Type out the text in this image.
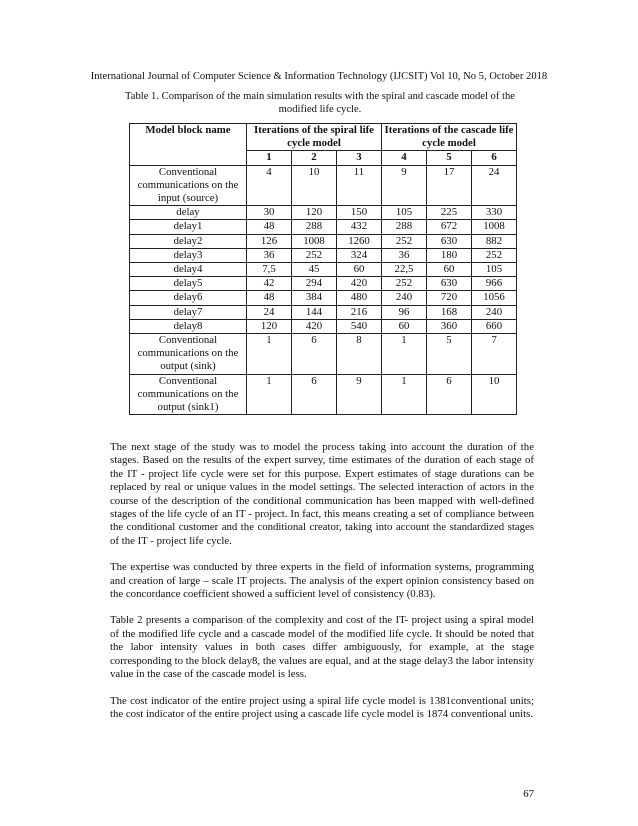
International Journal of Computer Science & Information Technology (IJCSIT) Vol 10, No 5, October 2018
Table 1. Comparison of the main simulation results with the spiral and cascade model of the modified life cycle.
Model block name	Iterations of the spiral life cycle model			Iterations of the cascade life cycle model		
	1	2	3	4	5	6
Conventional communications on the input (source)	4	10	11	9	17	24
delay	30	120	150	105	225	330
delay1	48	288	432	288	672	1008
delay2	126	1008	1260	252	630	882
delay3	36	252	324	36	180	252
delay4	7,5	45	60	22,5	60	105
delay5	42	294	420	252	630	966
delay6	48	384	480	240	720	1056
delay7	24	144	216	96	168	240
delay8	120	420	540	60	360	660
Conventional communications on the output (sink)	1	6	8	1	5	7
Conventional communications on the output (sink1)	1	6	9	1	6	10

The next stage of the study was to model the process taking into account the duration of the stages. Based on the results of the expert survey, time estimates of the duration of each stage of the IT - project life cycle were set for this purpose. Expert estimates of stage durations can be replaced by real or unique values in the model settings. The selected interaction of actors in the course of the description of the conditional communication has been mapped with well-defined stages of the life cycle of an IT - project. In fact, this means creating a set of compliance between the conditional customer and the conditional creator, taking into account the standardized stages of the IT - project life cycle.

The expertise was conducted by three experts in the field of information systems, programming and creation of large – scale IT projects. The analysis of the expert opinion consistency based on the concordance coefficient showed a sufficient level of consistency (0.83).

Table 2 presents a comparison of the complexity and cost of the IT- project using a spiral model of the modified life cycle and a cascade model of the modified life cycle. It should be noted that the labor intensity values in both cases differ ambiguously, for example, at the stage corresponding to the block delay8, the values are equal, and at the stage delay3 the labor intensity value in the case of the cascade model is less.

The cost indicator of the entire project using a spiral life cycle model is 1381conventional units; the cost indicator of the entire project using a cascade life cycle model is 1874 conventional units.

67
